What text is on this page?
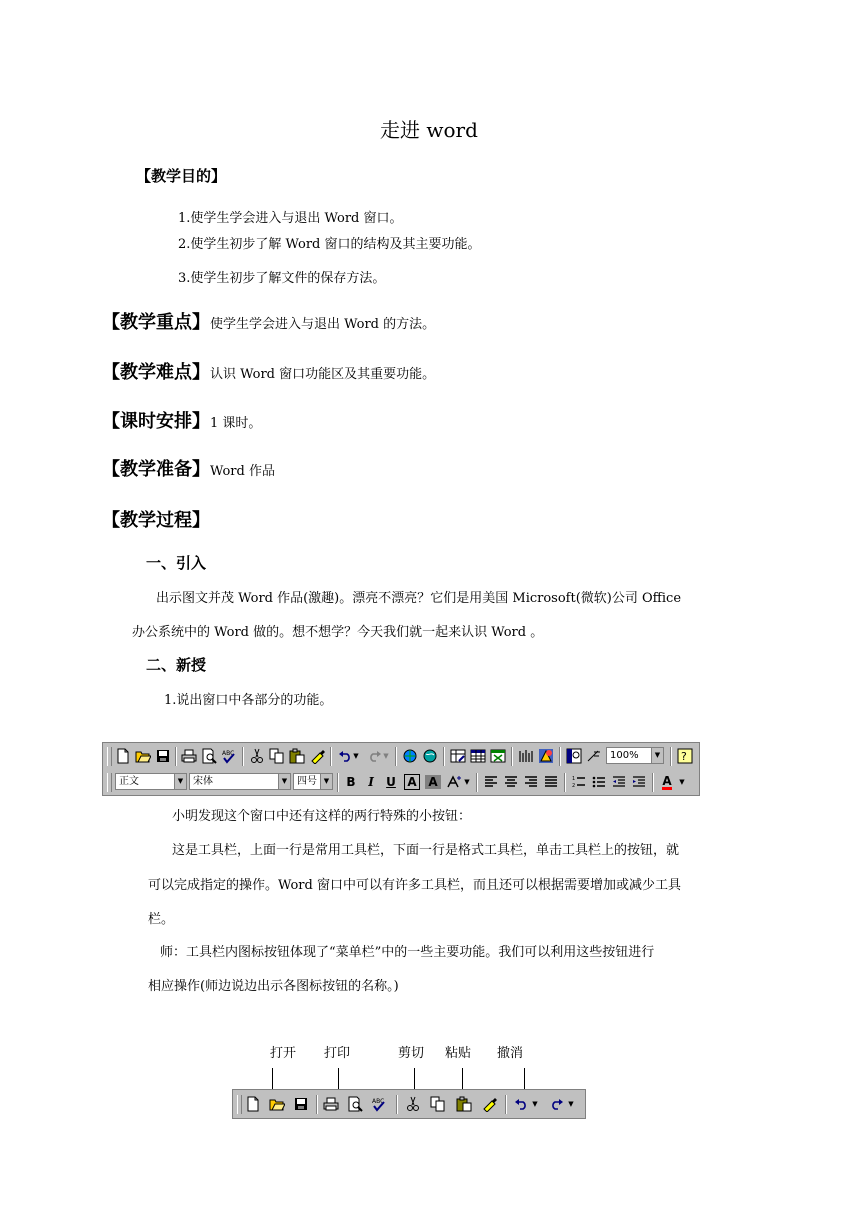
走进 word
【教学目的】
1.使学生学会进入与退出 Word 窗口。
2.使学生初步了解 Word 窗口的结构及其主要功能。
3.使学生初步了解文件的保存方法。
【教学重点】使学生学会进入与退出 Word 的方法。
【教学难点】认识 Word 窗口功能区及其重要功能。
【课时安排】1 课时。
【教学准备】Word 作品
【教学过程】
一、引入
出示图文并茂 Word 作品(激趣)。漂亮不漂亮？它们是用美国 Microsoft(微软)公司 Office
办公系统中的 Word 做的。想不想学？今天我们就一起来认识 Word 。
二、新授
1.说出窗口中各部分的功能。
ABC	▼	▼	100%	▼ ?
正文	▼ 宋体	▼ 四号 ▼	B	I	U A A	▼	1
2	A	▼
小明发现这个窗口中还有这样的两行特殊的小按钮：
这是工具栏，上面一行是常用工具栏，下面一行是格式工具栏，单击工具栏上的按钮，就
可以完成指定的操作。Word 窗口中可以有许多工具栏，而且还可以根据需要增加或减少工具
栏。
师：工具栏内图标按钮体现了“菜单栏”中的一些主要功能。我们可以利用这些按钮进行
相应操作(师边说边出示各图标按钮的名称。)
打开 打印	剪切 粘贴 撤消
ABC	▼	▼
